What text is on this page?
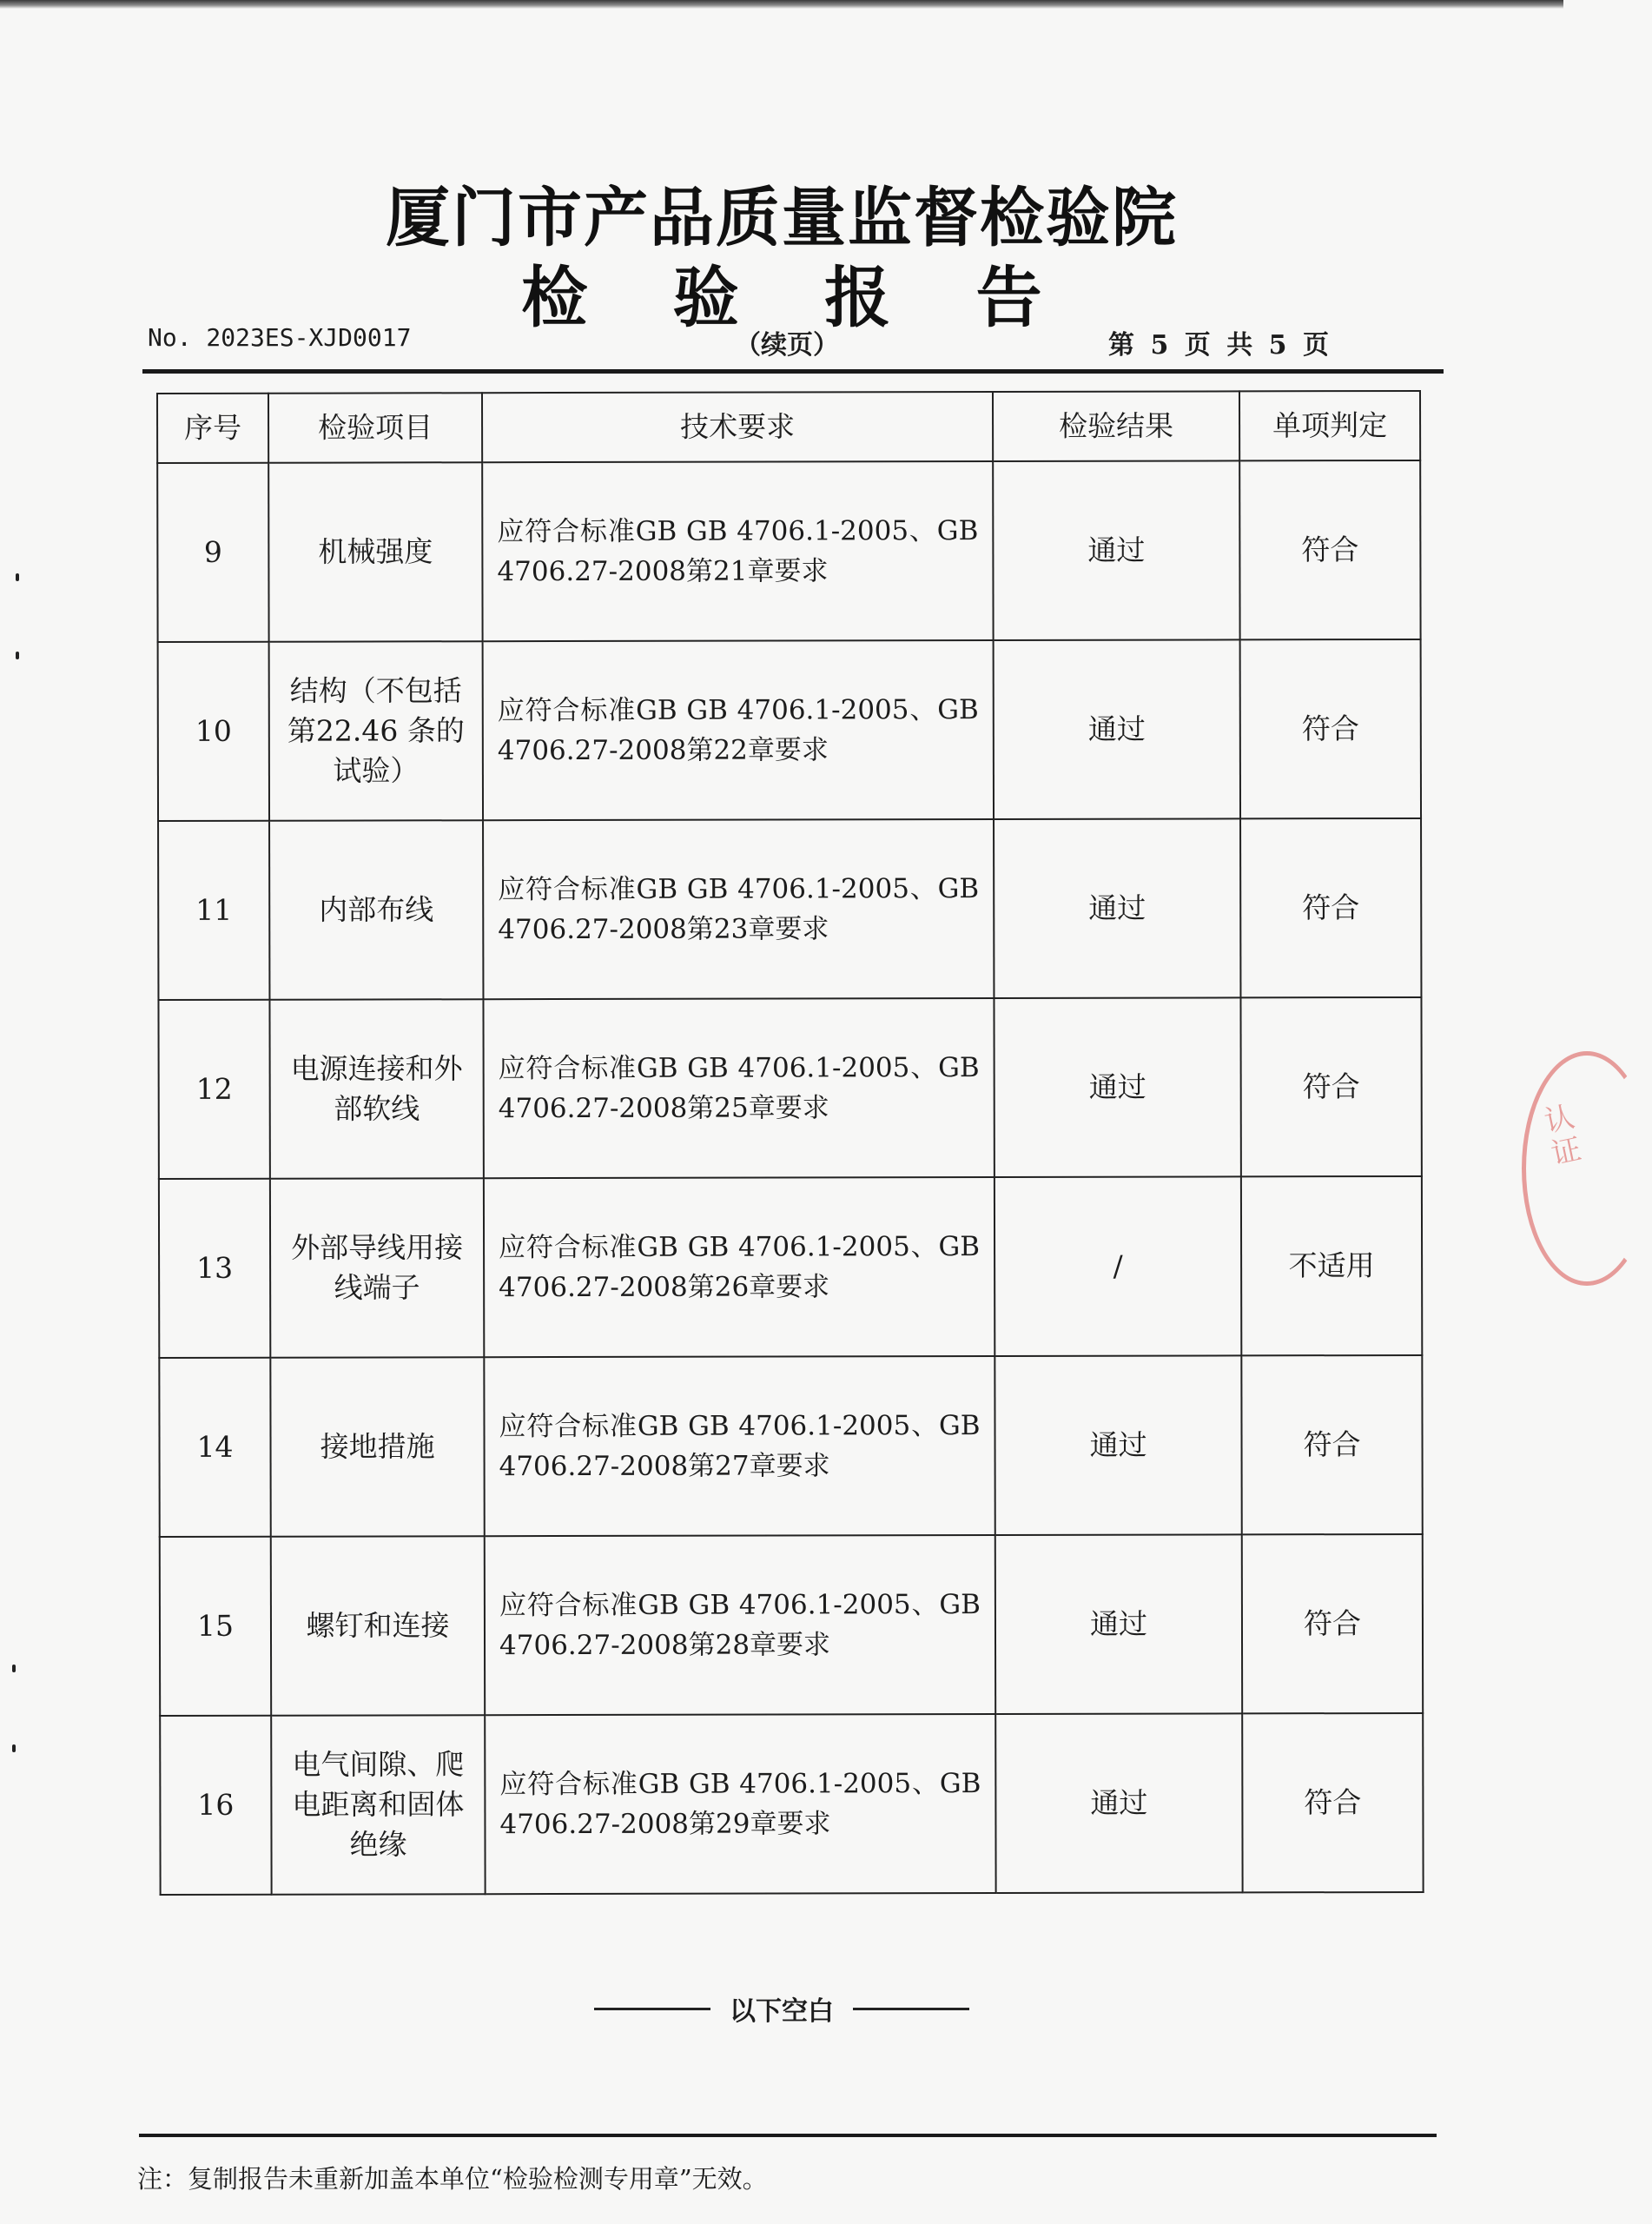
厦门市产品质量监督检验院
检 验 报 告
No. 2023ES-XJD0017	（续页）	第 5 页 共 5 页
序号	检验项目	技术要求	检验结果	单项判定
9	机械强度	应符合标准GB GB 4706.1-2005、GB 4706.27-2008第21章要求	通过	符合
10	结构（不包括第22.46 条的试验）	应符合标准GB GB 4706.1-2005、GB 4706.27-2008第22章要求	通过	符合
11	内部布线	应符合标准GB GB 4706.1-2005、GB 4706.27-2008第23章要求	通过	符合
12	电源连接和外部软线	应符合标准GB GB 4706.1-2005、GB 4706.27-2008第25章要求	通过	符合
13	外部导线用接线端子	应符合标准GB GB 4706.1-2005、GB 4706.27-2008第26章要求	/	不适用
14	接地措施	应符合标准GB GB 4706.1-2005、GB 4706.27-2008第27章要求	通过	符合
15	螺钉和连接	应符合标准GB GB 4706.1-2005、GB 4706.27-2008第28章要求	通过	符合
16	电气间隙、爬电距离和固体绝缘	应符合标准GB GB 4706.1-2005、GB 4706.27-2008第29章要求	通过	符合
以下空白
注：复制报告未重新加盖本单位“检验检测专用章”无效。
认证
